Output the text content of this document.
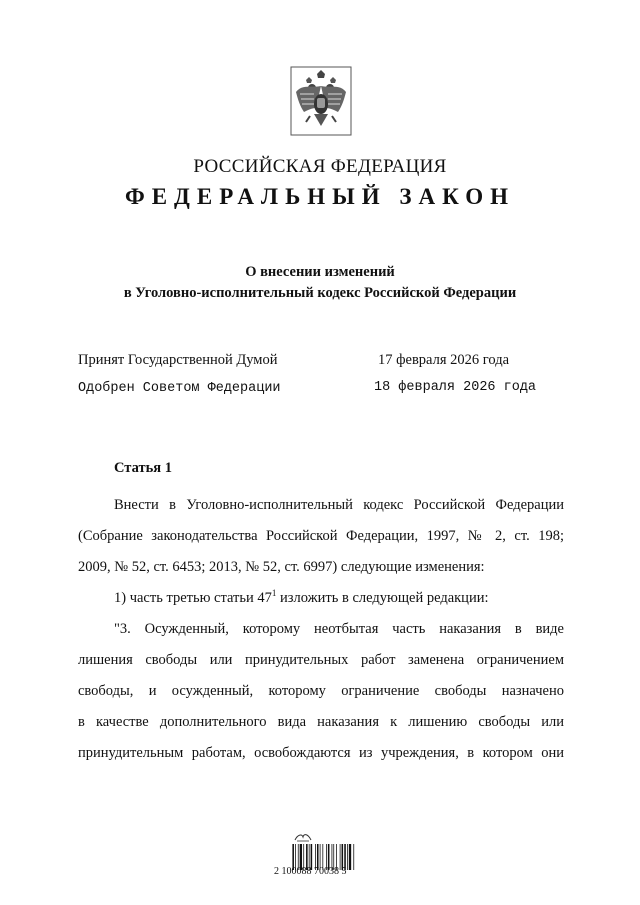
РОССИЙСКАЯ ФЕДЕРАЦИЯ
ФЕДЕРАЛЬНЫЙ ЗАКОН
О внесении изменений
в Уголовно-исполнительный кодекс Российской Федерации
Принят Государственной Думой	17 февраля 2026 года
Одобрен Советом Федерации	18 февраля 2026 года
Статья 1
Внести в Уголовно-исполнительный кодекс Российской Федерации
(Собрание законодательства Российской Федерации, 1997, № 2, ст. 198;
2009, № 52, ст. 6453; 2013, № 52, ст. 6997) следующие изменения:
1) часть третью статьи $47^1$ изложить в следующей редакции:
"3. Осужденный, которому неотбытая часть наказания в виде
лишения свободы или принудительных работ заменена ограничением
свободы, и осужденный, которому ограничение свободы назначено
в качестве дополнительного вида наказания к лишению свободы или
принудительным работам, освобождаются из учреждения, в котором они
2 100088 70038 5
